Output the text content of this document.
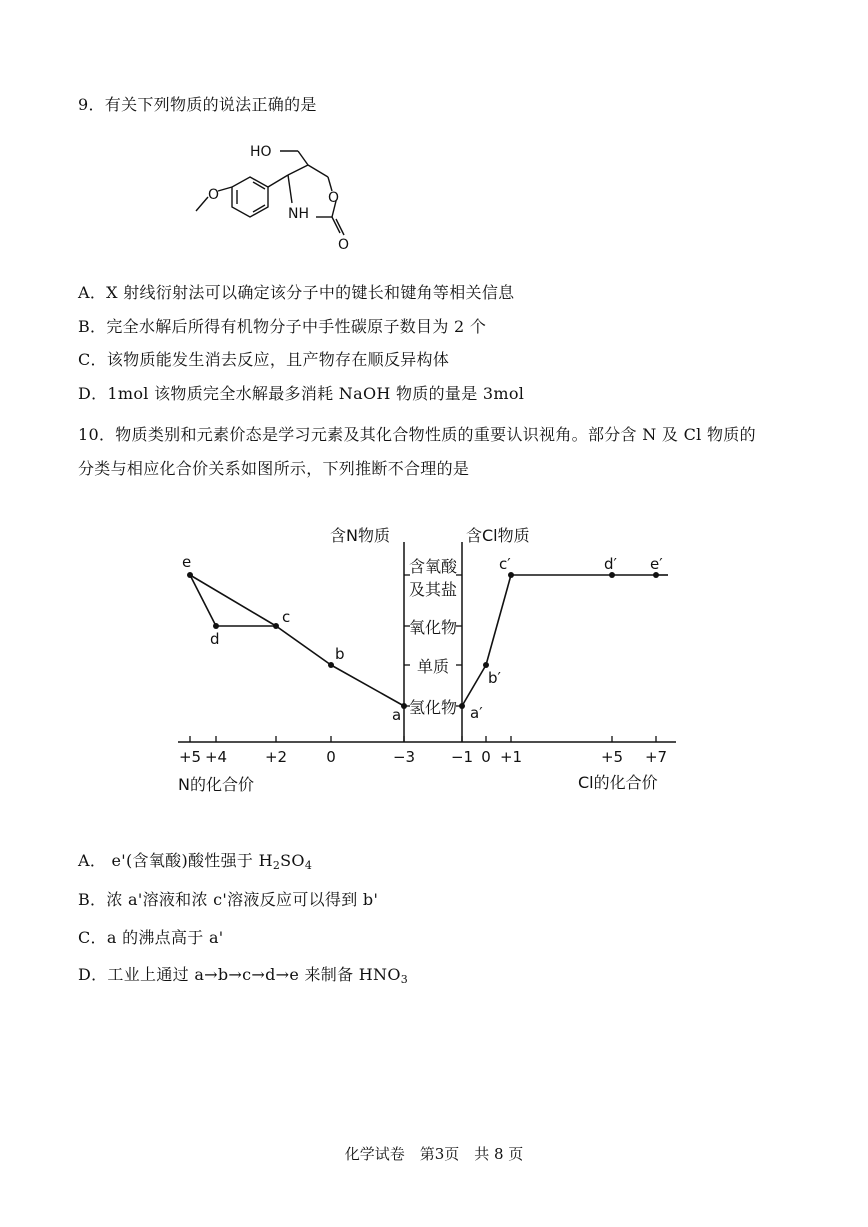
9．有关下列物质的说法正确的是
HO
O	O
NH
O
A．X 射线衍射法可以确定该分子中的键长和键角等相关信息
B．完全水解后所得有机物分子中手性碳原子数目为 2 个
C．该物质能发生消去反应，且产物存在顺反异构体
D．1mol 该物质完全水解最多消耗 NaOH 物质的量是 3mol
10．物质类别和元素价态是学习元素及其化合物性质的重要认识视角。部分含 N 及 Cl 物质的
分类与相应化合价关系如图所示，下列推断不合理的是
含N物质	含Cl物质
含氧酸
及其盐
氧化物
单质
氢化物
N的化合价	Cl的化合价
+5 +4	+2	0	−3 −1 0 +1	+5 +7
e
d
c
b
a	a′
b′
c′	d′ e′
A． e'(含氧酸)酸性强于 $H_2SO_4$
B．浓 a'溶液和浓 c'溶液反应可以得到 b'
C．a 的沸点高于 a'
D．工业上通过 a→b→c→d→e 来制备 $HNO_3$
化学试卷　第3页　共 8 页
